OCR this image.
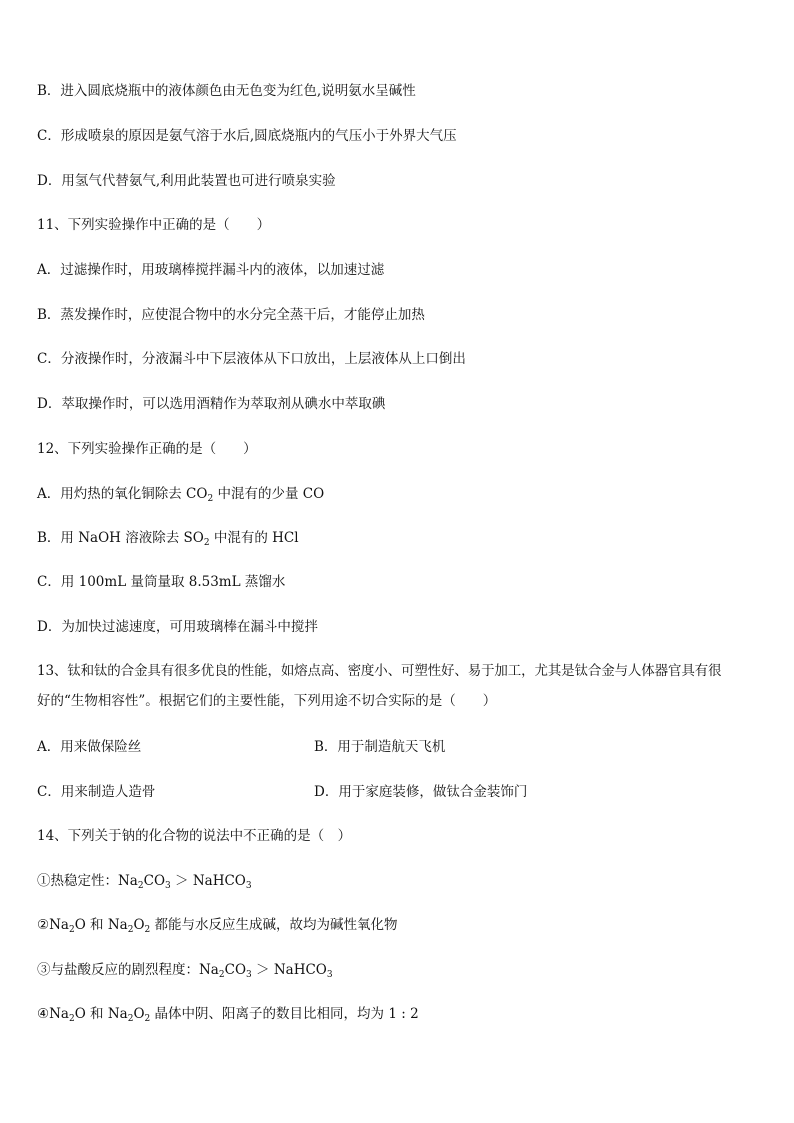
B．进入圆底烧瓶中的液体颜色由无色变为红色,说明氨水呈碱性
C．形成喷泉的原因是氨气溶于水后,圆底烧瓶内的气压小于外界大气压
D．用氢气代替氨气,利用此装置也可进行喷泉实验
11、下列实验操作中正确的是（　　）
A．过滤操作时，用玻璃棒搅拌漏斗内的液体，以加速过滤
B．蒸发操作时，应使混合物中的水分完全蒸干后，才能停止加热
C．分液操作时，分液漏斗中下层液体从下口放出，上层液体从上口倒出
D．萃取操作时，可以选用酒精作为萃取剂从碘水中萃取碘
12、下列实验操作正确的是（　　）
A．用灼热的氧化铜除去 $CO_2$ 中混有的少量 CO
B．用 NaOH 溶液除去 $SO_2$ 中混有的 HCl
C．用 100mL 量筒量取 8.53mL 蒸馏水
D．为加快过滤速度，可用玻璃棒在漏斗中搅拌
13、钛和钛的合金具有很多优良的性能，如熔点高、密度小、可塑性好、易于加工，尤其是钛合金与人体器官具有很
好的“生物相容性”。根据它们的主要性能，下列用途不切合实际的是（　　）
A．用来做保险丝	B．用于制造航天飞机
C．用来制造人造骨	D．用于家庭装修，做钛合金装饰门
14、下列关于钠的化合物的说法中不正确的是（　）
①热稳定性：$Na_2CO_3$ ＞ NaHCO$_3$
$②Na_2O$ 和 $Na_2O_2$ 都能与水反应生成碱，故均为碱性氧化物
③与盐酸反应的剧烈程度：$Na_2CO_3$ ＞ NaHCO$_3$
$④Na_2O$ 和 $Na_2O_2$ 晶体中阴、阳离子的数目比相同，均为 1 : 2
